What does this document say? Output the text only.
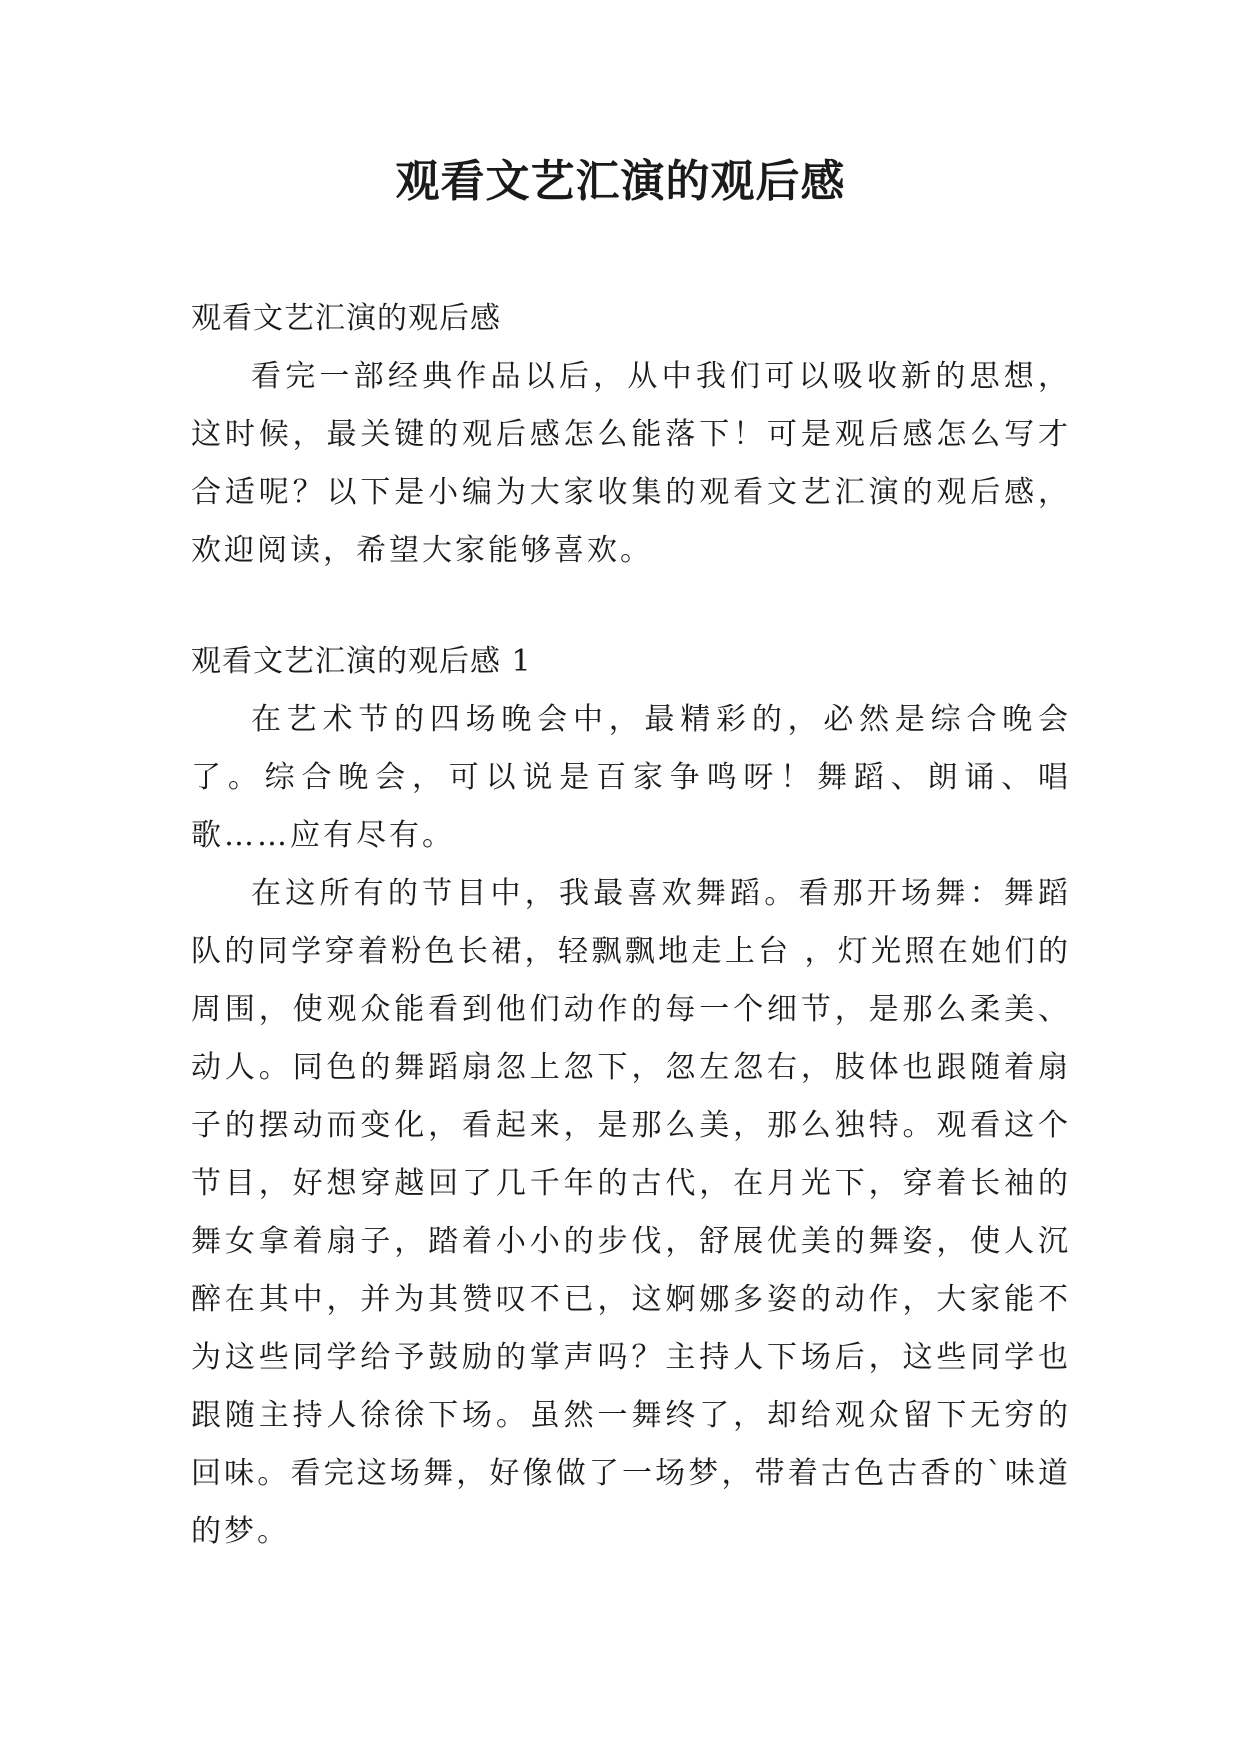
观看文艺汇演的观后感
观看文艺汇演的观后感

看完一部经典作品以后，从中我们可以吸收新的思想，这时候，最关键的观后感怎么能落下！可是观后感怎么写才合适呢？以下是小编为大家收集的观看文艺汇演的观后感，欢迎阅读，希望大家能够喜欢。

观看文艺汇演的观后感 1

在艺术节的四场晚会中，最精彩的，必然是综合晚会了。综合晚会，可以说是百家争鸣呀！舞蹈、朗诵、唱歌……应有尽有。

在这所有的节目中，我最喜欢舞蹈。看那开场舞：舞蹈队的同学穿着粉色长裙，轻飘飘地走上台 ，灯光照在她们的周围，使观众能看到他们动作的每一个细节，是那么柔美、动人。同色的舞蹈扇忽上忽下，忽左忽右，肢体也跟随着扇子的摆动而变化，看起来，是那么美，那么独特。观看这个节目，好想穿越回了几千年的古代，在月光下，穿着长袖的舞女拿着扇子，踏着小小的步伐，舒展优美的舞姿，使人沉醉在其中，并为其赞叹不已，这婀娜多姿的动作，大家能不为这些同学给予鼓励的掌声吗？主持人下场后，这些同学也跟随主持人徐徐下场。虽然一舞终了，却给观众留下无穷的回味。看完这场舞，好像做了一场梦，带着古色古香的`味道的梦。
